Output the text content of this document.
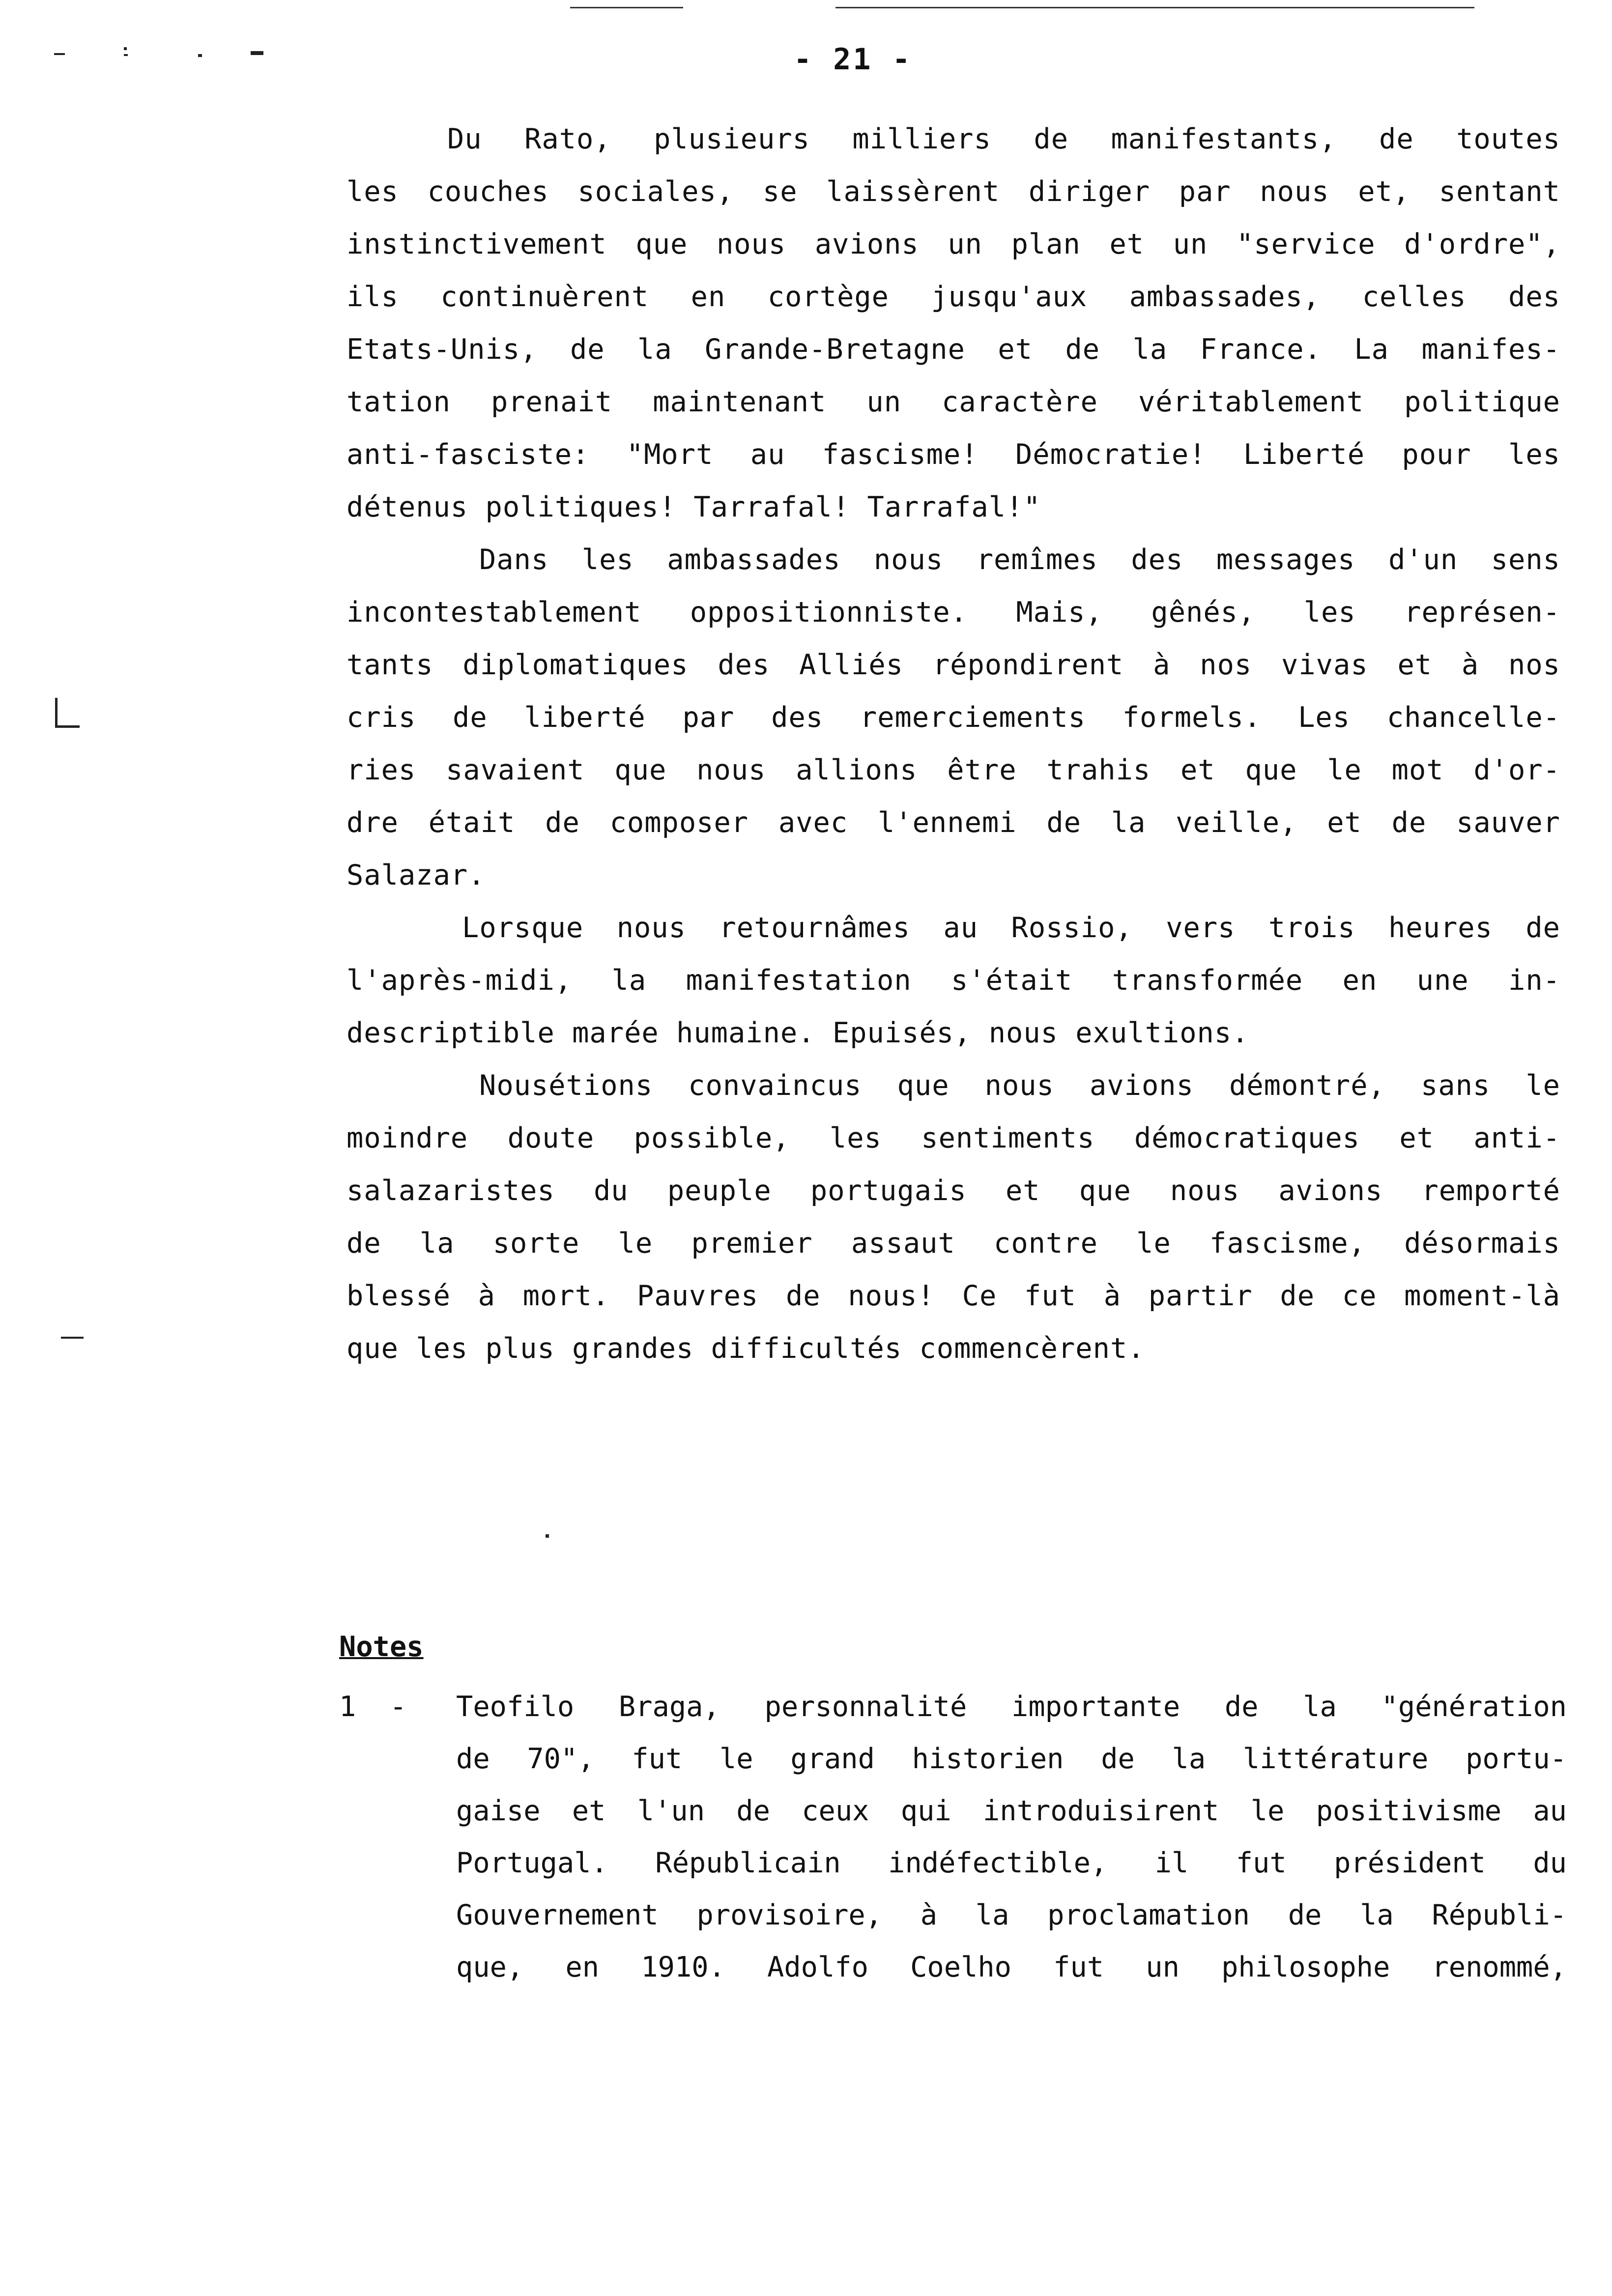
- 21 -
Du Rato, plusieurs milliers de manifestants, de toutes
les couches sociales, se laissèrent diriger par nous et, sentant
instinctivement que nous avions un plan et un "service d'ordre",
ils continuèrent en cortège jusqu'aux ambassades, celles des
Etats-Unis, de la Grande-Bretagne et de la France. La manifes-
tation prenait maintenant un caractère véritablement politique
anti-fasciste: "Mort au fascisme! Démocratie! Liberté pour les
détenus politiques! Tarrafal! Tarrafal!"
Dans les ambassades nous remîmes des messages d'un sens
incontestablement oppositionniste. Mais, gênés, les représen-
tants diplomatiques des Alliés répondirent à nos vivas et à nos
cris de liberté par des remerciements formels. Les chancelle-
ries savaient que nous allions être trahis et que le mot d'or-
dre était de composer avec l'ennemi de la veille, et de sauver
Salazar.
Lorsque nous retournâmes au Rossio, vers trois heures de
l'après-midi, la manifestation s'était transformée en une in-
descriptible marée humaine. Epuisés, nous exultions.
Nousétions convaincus que nous avions démontré, sans le
moindre doute possible, les sentiments démocratiques et anti-
salazaristes du peuple portugais et que nous avions remporté
de la sorte le premier assaut contre le fascisme, désormais
blessé à mort. Pauvres de nous! Ce fut à partir de ce moment-là
que les plus grandes difficultés commencèrent.
Notes
1  - Teofilo Braga, personnalité importante de la "génération
de 70", fut le grand historien de la littérature portu-
gaise et l'un de ceux qui introduisirent le positivisme au
Portugal. Républicain indéfectible, il fut président du
Gouvernement provisoire, à la proclamation de la Républi-
que, en 1910. Adolfo Coelho fut un philosophe renommé,
